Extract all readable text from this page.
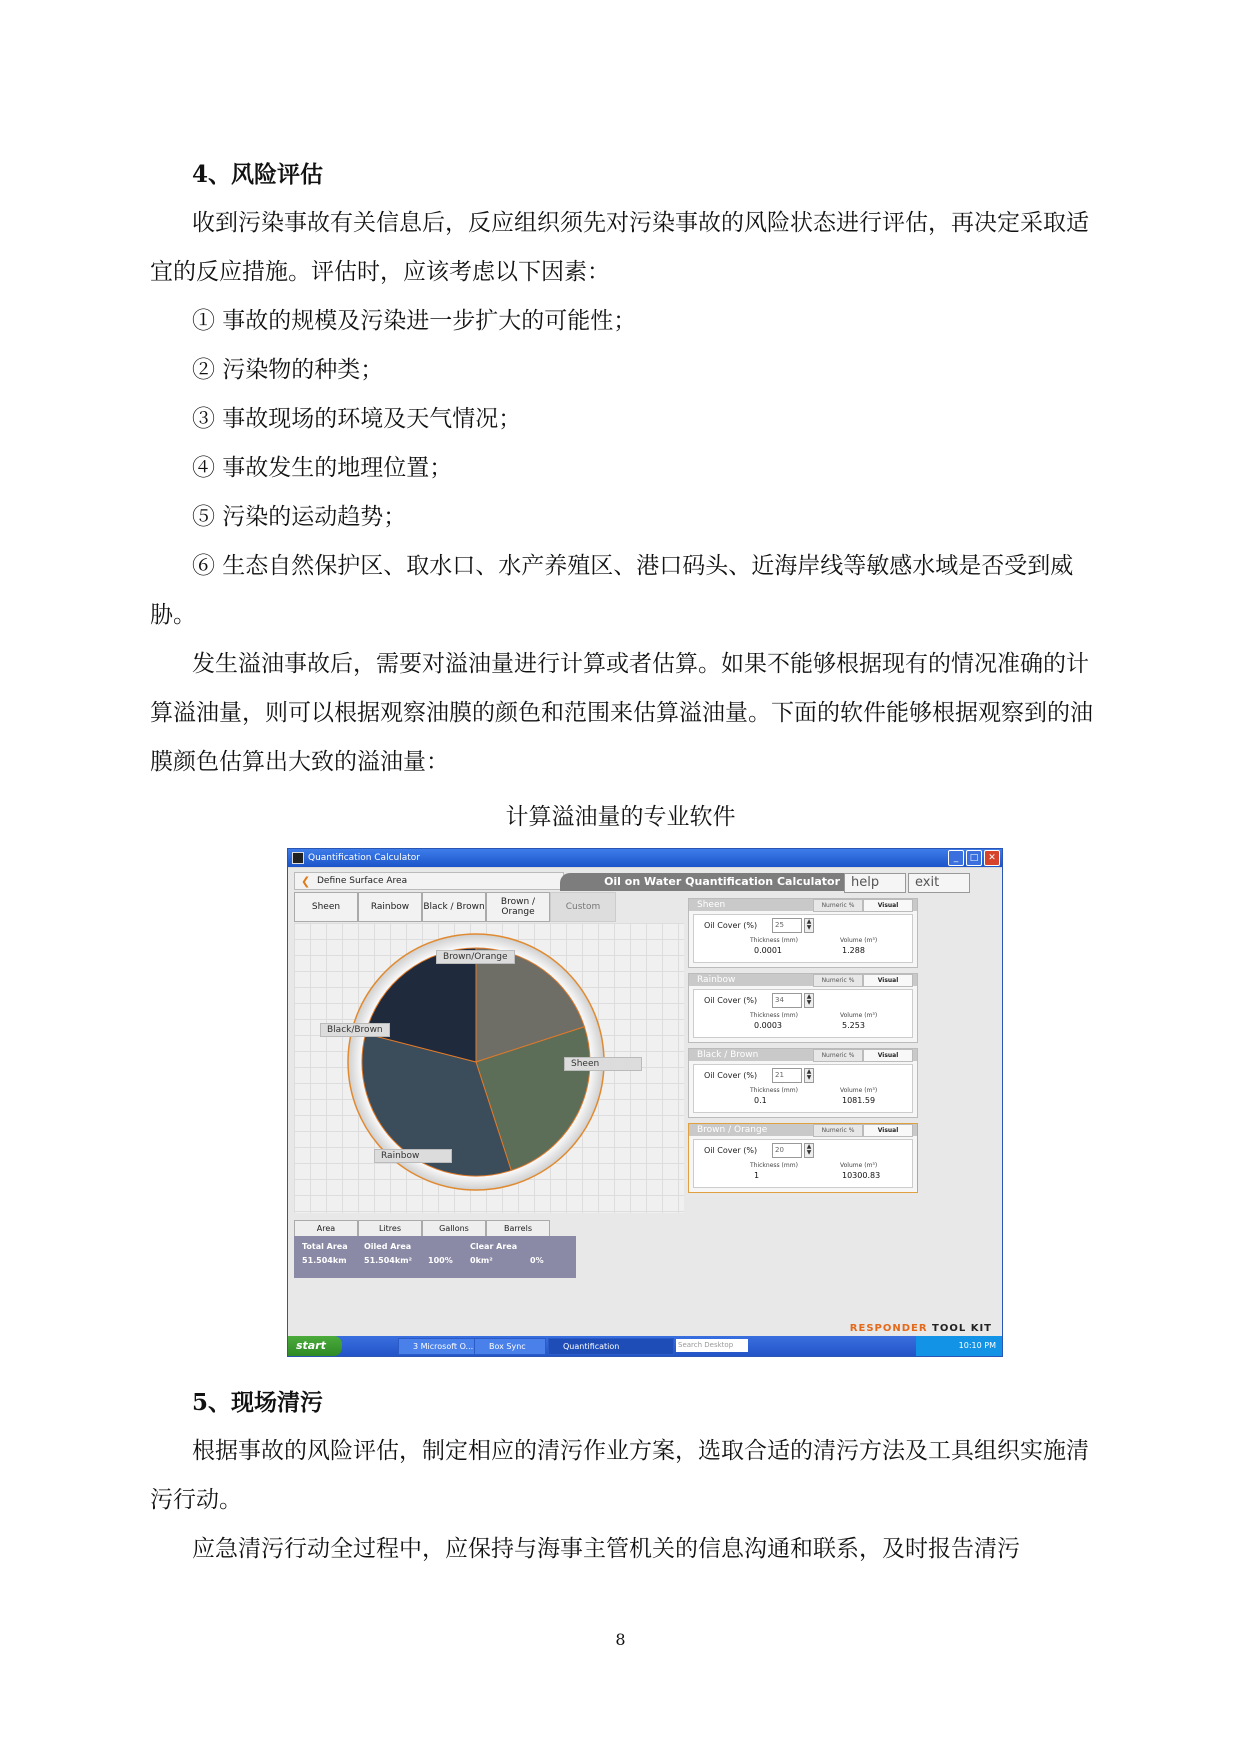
4、风险评估

收到污染事故有关信息后，反应组织须先对污染事故的风险状态进行评估，再决定采取适宜的反应措施。评估时，应该考虑以下因素：

① 事故的规模及污染进一步扩大的可能性；

② 污染物的种类；

③ 事故现场的环境及天气情况；

④ 事故发生的地理位置；

⑤ 污染的运动趋势；

⑥ 生态自然保护区、取水口、水产养殖区、港口码头、近海岸线等敏感水域是否受到威胁。

发生溢油事故后，需要对溢油量进行计算或者估算。如果不能够根据现有的情况准确的计算溢油量，则可以根据观察油膜的颜色和范围来估算溢油量。下面的软件能够根据观察到的油膜颜色估算出大致的溢油量：

计算溢油量的专业软件
Quantification Calculator	_	□	✕
❮ Define Surface Area	Oil on Water Quantification Calculator help	exit
Sheen	Rainbow	Black / Brown	Brown / Orange	Custom
Brown/Orange
Black/Brown
Sheen
Rainbow
Sheen	Numeric %	Visual
Oil Cover (%)	25	▲
▼
Thickness (mm)	Volume (m³)
0.0001	1.288
Rainbow	Numeric %	Visual
Oil Cover (%)	34	▲
▼
Thickness (mm)	Volume (m³)
0.0003	5.253
Black / Brown	Numeric %	Visual
Oil Cover (%)	21	▲
▼
Thickness (mm)	Volume (m³)
0.1	1081.59
Brown / Orange	Numeric %	Visual
Oil Cover (%)	20	▲
▼
Thickness (mm)	Volume (m³)
1	10300.83
Area	Litres	Gallons	Barrels
Total Area
51.504km
Oiled Area
51.504km² 100%
Clear Area
0km²	0%
RESPONDER TOOL KIT
start	3 Microsoft O...	Box Sync	Quantification	Search Desktop	10:10 PM

5、现场清污

根据事故的风险评估，制定相应的清污作业方案，选取合适的清污方法及工具组织实施清污行动。

应急清污行动全过程中，应保持与海事主管机关的信息沟通和联系，及时报告清污

8
